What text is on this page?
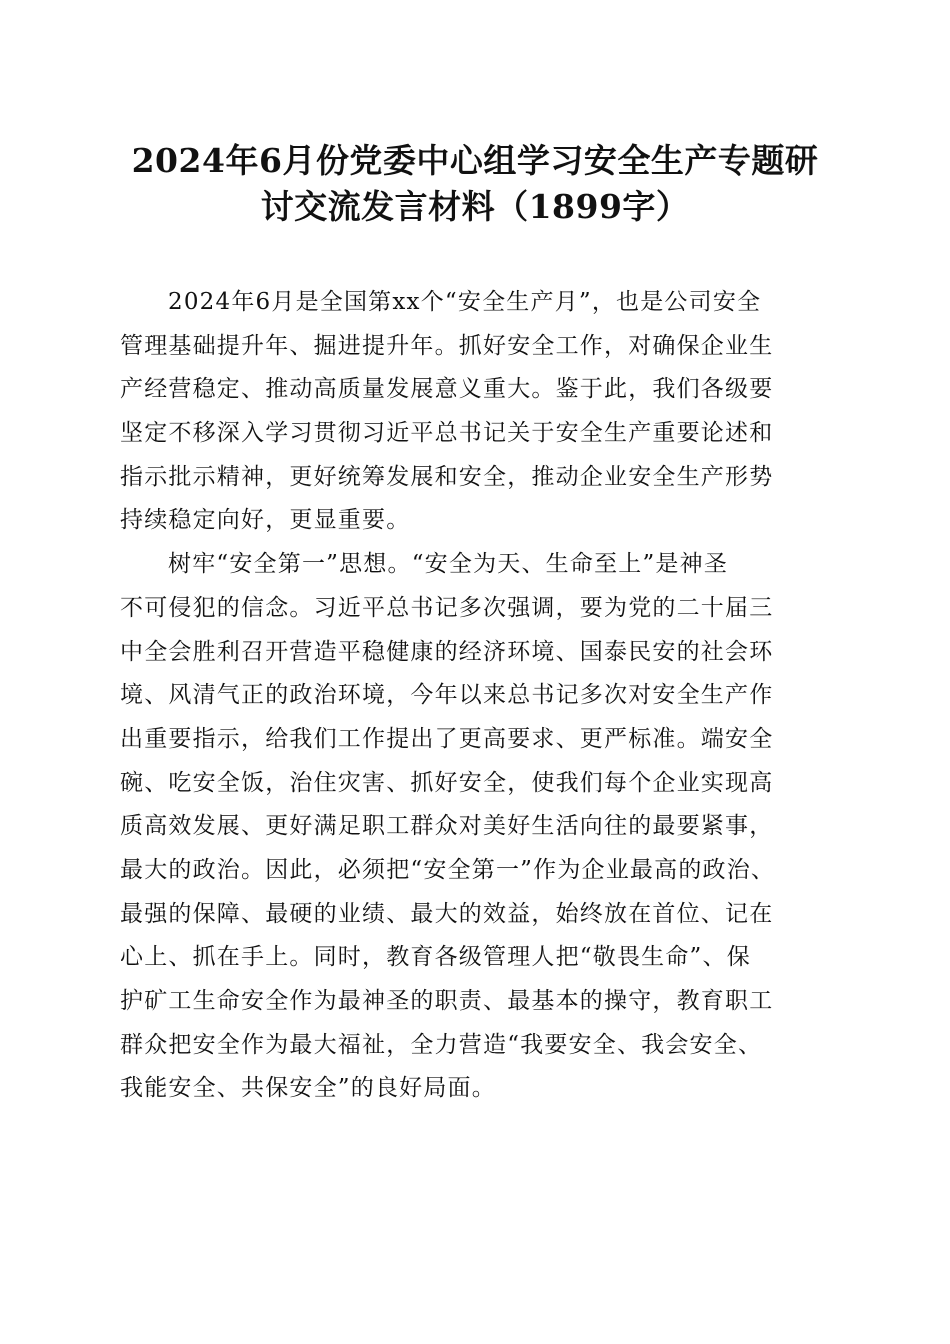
2024年6月份党委中心组学习安全生产专题研
讨交流发言材料（1899字）
2024年6月是全国第xx个“安全生产月”，也是公司安全
管理基础提升年、掘进提升年。抓好安全工作，对确保企业生
产经营稳定、推动高质量发展意义重大。鉴于此，我们各级要
坚定不移深入学习贯彻习近平总书记关于安全生产重要论述和
指示批示精神，更好统筹发展和安全，推动企业安全生产形势
持续稳定向好，更显重要。
树牢“安全第一”思想。“安全为天、生命至上”是神圣
不可侵犯的信念。习近平总书记多次强调，要为党的二十届三
中全会胜利召开营造平稳健康的经济环境、国泰民安的社会环
境、风清气正的政治环境，今年以来总书记多次对安全生产作
出重要指示，给我们工作提出了更高要求、更严标准。端安全
碗、吃安全饭，治住灾害、抓好安全，使我们每个企业实现高
质高效发展、更好满足职工群众对美好生活向往的最要紧事，
最大的政治。因此，必须把“安全第一”作为企业最高的政治、
最强的保障、最硬的业绩、最大的效益，始终放在首位、记在
心上、抓在手上。同时，教育各级管理人把“敬畏生命”、保
护矿工生命安全作为最神圣的职责、最基本的操守，教育职工
群众把安全作为最大福祉，全力营造“我要安全、我会安全、
我能安全、共保安全”的良好局面。
